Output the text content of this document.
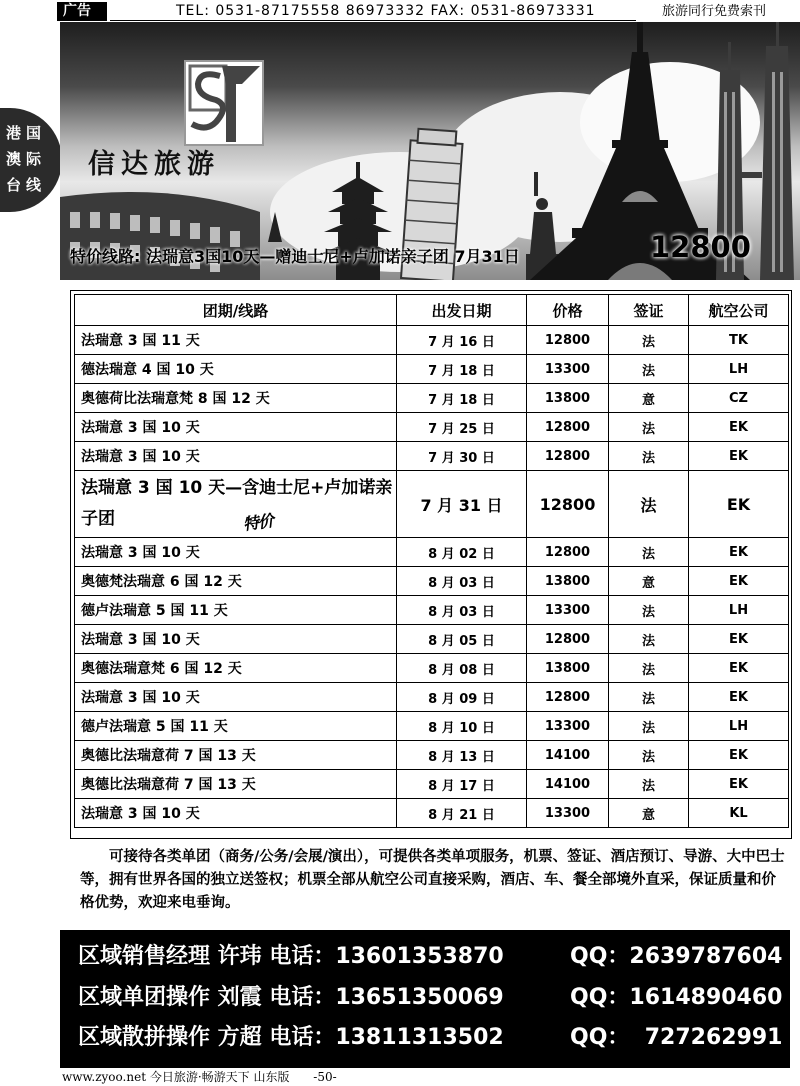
广告	TEL: 0531-87175558 86973332 FAX: 0531-86973331	旅游同行免费索刊
港 国
澳 际
台 线
信达旅游
特价线路: 法瑞意3国10天—赠迪士尼+卢加诺亲子团 7月31日	12800
团期/线路	出发日期	价格	签证	航空公司
法瑞意 3 国 11 天	7 月 16 日	12800	法	TK
德法瑞意 4 国 10 天	7 月 18 日	13300	法	LH
奥德荷比法瑞意梵 8 国 12 天	7 月 18 日	13800	意	CZ
法瑞意 3 国 10 天	7 月 25 日	12800	法	EK
法瑞意 3 国 10 天	7 月 30 日	12800	法	EK
法瑞意 3 国 10 天—含迪士尼+卢加诺亲子团 特价	7 月 31 日	12800	法	EK
法瑞意 3 国 10 天	8 月 02 日	12800	法	EK
奥德梵法瑞意 6 国 12 天	8 月 03 日	13800	意	EK
德卢法瑞意 5 国 11 天	8 月 03 日	13300	法	LH
法瑞意 3 国 10 天	8 月 05 日	12800	法	EK
奥德法瑞意梵 6 国 12 天	8 月 08 日	13800	法	EK
法瑞意 3 国 10 天	8 月 09 日	12800	法	EK
德卢法瑞意 5 国 11 天	8 月 10 日	13300	法	LH
奥德比法瑞意荷 7 国 13 天	8 月 13 日	14100	法	EK
奥德比法瑞意荷 7 国 13 天	8 月 17 日	14100	法	EK
法瑞意 3 国 10 天	8 月 21 日	13300	意	KL
可接待各类单团（商务/公务/会展/演出），可提供各类单项服务，机票、签证、酒店预订、导游、大中巴士等，拥有世界各国的独立送签权；机票全部从航空公司直接采购，酒店、车、餐全部境外直采，保证质量和价格优势，欢迎来电垂询。
区域销售经理 许玮 电话：13601353870	QQ：2639787604
区域单团操作 刘霞 电话：13651350069	QQ：1614890460
区域散拼操作 方超 电话：13811313502	QQ：  727262991
www.zyoo.net 今日旅游·畅游天下 山东版 -50-
